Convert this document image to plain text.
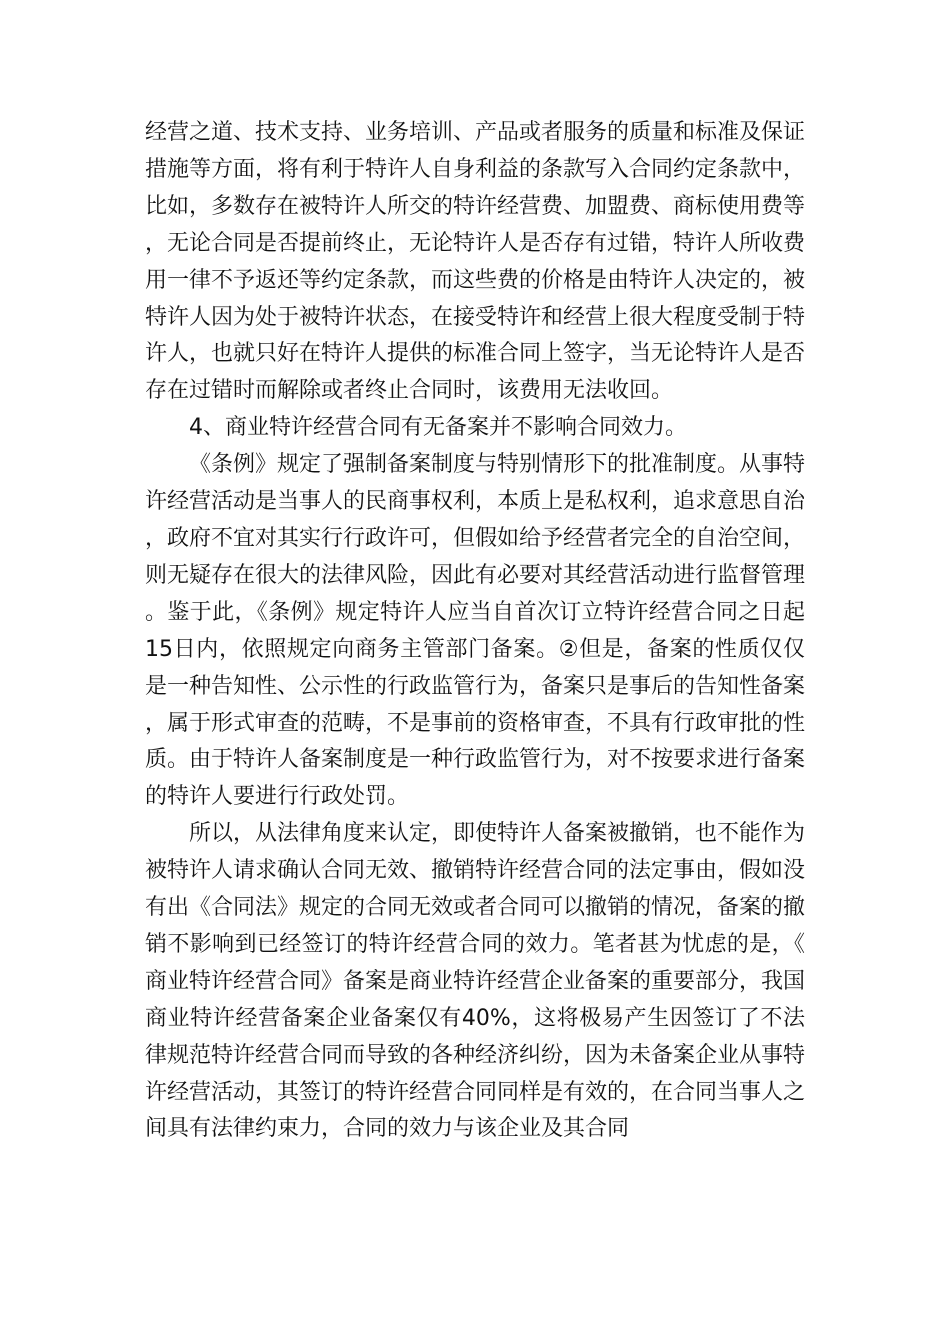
经营之道、技术支持、业务培训、产品或者服务的质量和标准及保证措施等方面，将有利于特许人自身利益的条款写入合同约定条款中，比如，多数存在被特许人所交的特许经营费、加盟费、商标使用费等，无论合同是否提前终止，无论特许人是否存有过错，特许人所收费用一律不予返还等约定条款，而这些费的价格是由特许人决定的，被特许人因为处于被特许状态，在接受特许和经营上很大程度受制于特许人，也就只好在特许人提供的标准合同上签字，当无论特许人是否存在过错时而解除或者终止合同时，该费用无法收回。

4、商业特许经营合同有无备案并不影响合同效力。

《条例》规定了强制备案制度与特别情形下的批准制度。从事特许经营活动是当事人的民商事权利，本质上是私权利，追求意思自治，政府不宜对其实行行政许可，但假如给予经营者完全的自治空间，则无疑存在很大的法律风险，因此有必要对其经营活动进行监督管理。鉴于此，《条例》规定特许人应当自首次订立特许经营合同之日起15日内，依照规定向商务主管部门备案。②但是，备案的性质仅仅是一种告知性、公示性的行政监管行为，备案只是事后的告知性备案，属于形式审查的范畴，不是事前的资格审查，不具有行政审批的性质。由于特许人备案制度是一种行政监管行为，对不按要求进行备案的特许人要进行行政处罚。

所以，从法律角度来认定，即使特许人备案被撤销，也不能作为被特许人请求确认合同无效、撤销特许经营合同的法定事由，假如没有出《合同法》规定的合同无效或者合同可以撤销的情况，备案的撤销不影响到已经签订的特许经营合同的效力。笔者甚为忧虑的是，《商业特许经营合同》备案是商业特许经营企业备案的重要部分，我国商业特许经营备案企业备案仅有40%，这将极易产生因签订了不法律规范特许经营合同而导致的各种经济纠纷，因为未备案企业从事特许经营活动，其签订的特许经营合同同样是有效的，在合同当事人之间具有法律约束力，合同的效力与该企业及其合同
